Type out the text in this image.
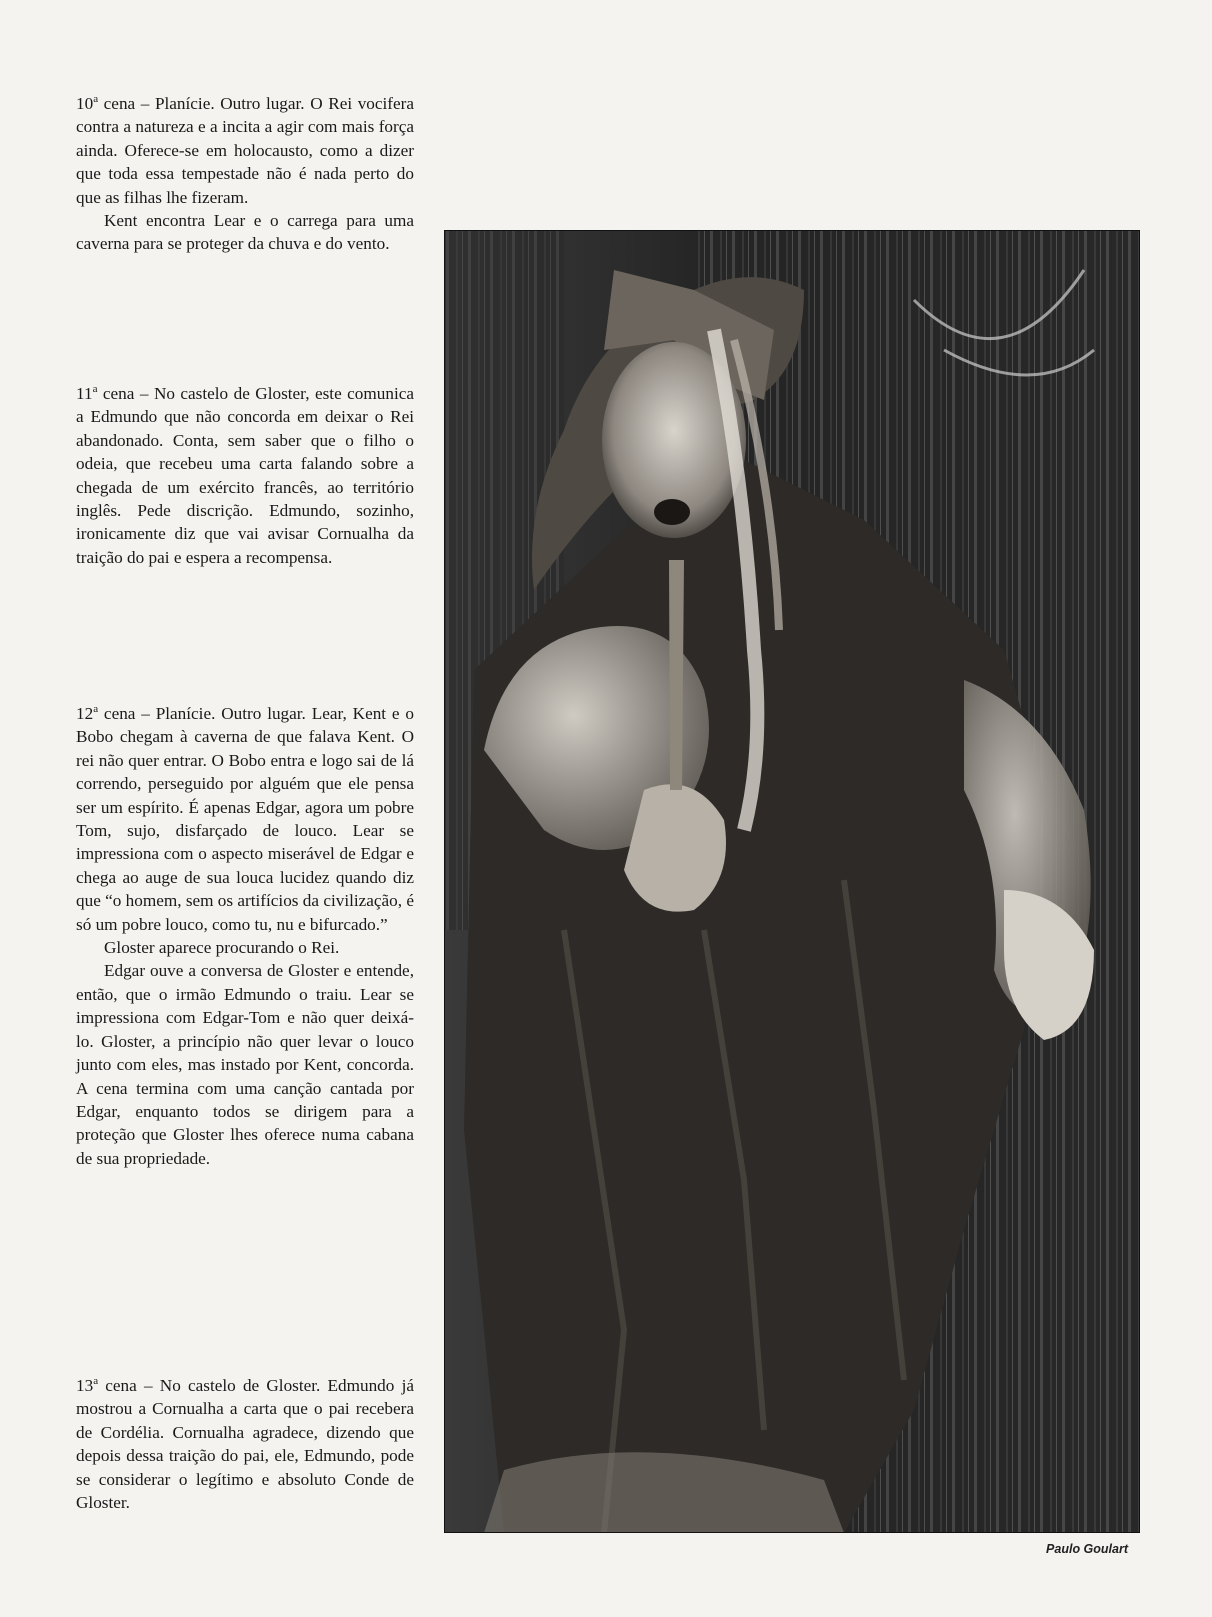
10$^a$ cena – Planície. Outro lugar. O Rei vocifera contra a natureza e a incita a agir com mais força ainda. Oferece-se em holocausto, como a dizer que toda essa tempestade não é nada perto do que as filhas lhe fizeram.

Kent encontra Lear e o carrega para uma caverna para se proteger da chuva e do vento.

11$^a$ cena – No castelo de Gloster, este comunica a Edmundo que não concorda em deixar o Rei abandonado. Conta, sem saber que o filho o odeia, que recebeu uma carta falando sobre a chegada de um exército francês, ao território inglês. Pede discrição. Edmundo, sozinho, ironicamente diz que vai avisar Cornualha da traição do pai e espera a recompensa.

12$^a$ cena – Planície. Outro lugar. Lear, Kent e o Bobo chegam à caverna de que falava Kent. O rei não quer entrar. O Bobo entra e logo sai de lá correndo, perseguido por alguém que ele pensa ser um espírito. É apenas Edgar, agora um pobre Tom, sujo, disfarçado de louco. Lear se impressiona com o aspecto miserável de Edgar e chega ao auge de sua louca lucidez quando diz que “o homem, sem os artifícios da civilização, é só um pobre louco, como tu, nu e bifurcado.”

Gloster aparece procurando o Rei.

Edgar ouve a conversa de Gloster e entende, então, que o irmão Edmundo o traiu. Lear se impressiona com Edgar-Tom e não quer deixá-lo. Gloster, a princípio não quer levar o louco junto com eles, mas instado por Kent, concorda. A cena termina com uma canção cantada por Edgar, enquanto todos se dirigem para a proteção que Gloster lhes oferece numa cabana de sua propriedade.

13$^a$ cena – No castelo de Gloster. Edmundo já mostrou a Cornualha a carta que o pai recebera de Cordélia. Cornualha agradece, dizendo que depois dessa traição do pai, ele, Edmundo, pode se considerar o legítimo e absoluto Conde de Gloster.

Paulo Goulart
